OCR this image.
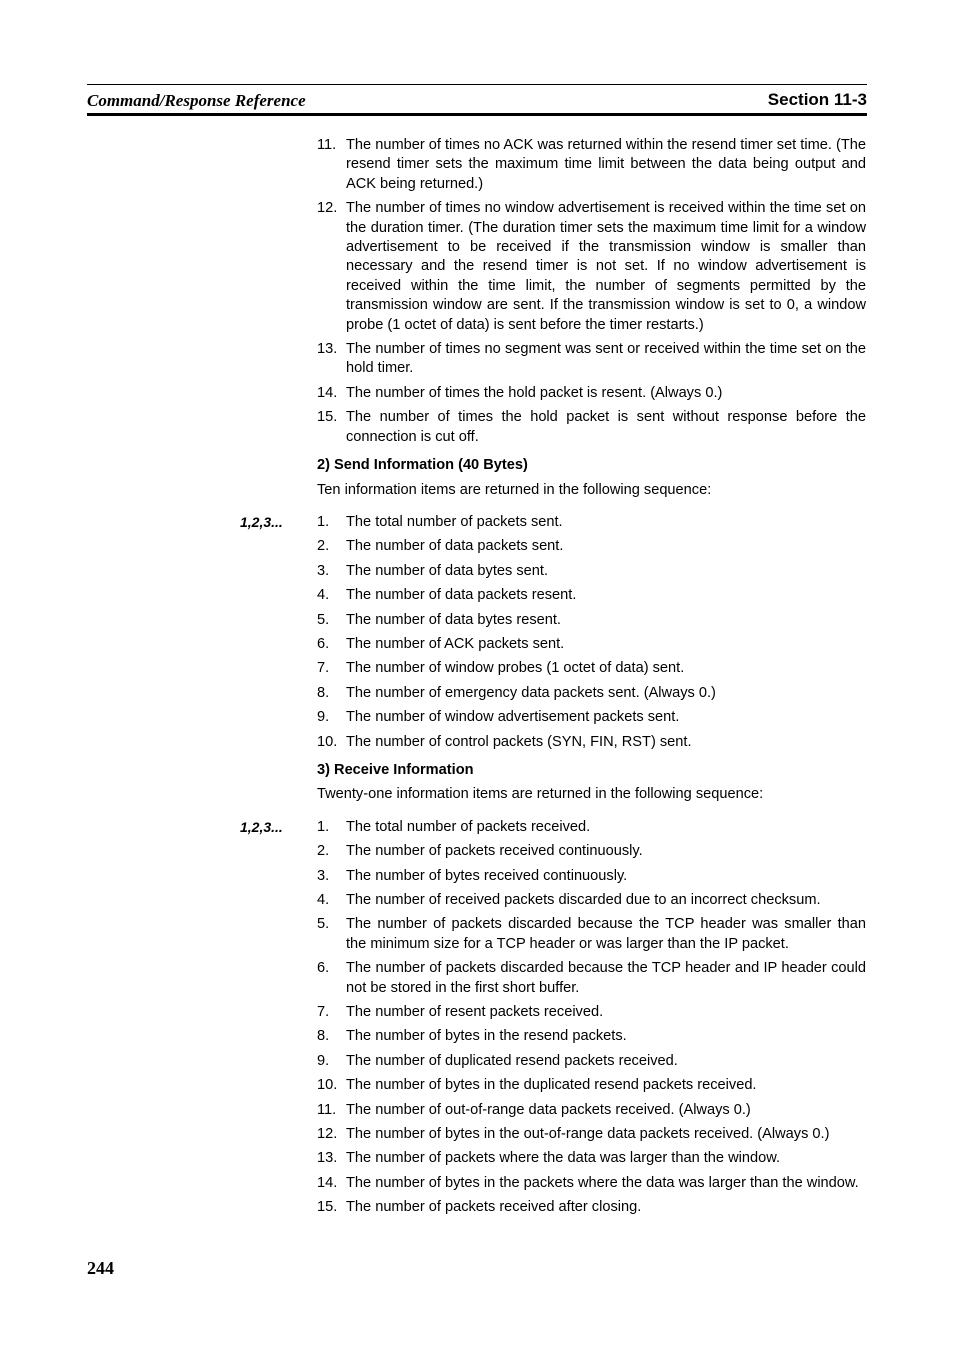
Command/Response Reference	Section 11-3
11. The number of times no ACK was returned within the resend timer set time. (The resend timer sets the maximum time limit between the data being output and ACK being returned.)
12. The number of times no window advertisement is received within the time set on the duration timer. (The duration timer sets the maximum time limit for a window advertisement to be received if the transmission window is smaller than necessary and the resend timer is not set. If no window advertisement is received within the time limit, the number of segments permitted by the transmission window are sent. If the transmission window is set to 0, a window probe (1 octet of data) is sent before the timer restarts.)
13. The number of times no segment was sent or received within the time set on the hold timer.
14. The number of times the hold packet is resent. (Always 0.)
15. The number of times the hold packet is sent without response before the connection is cut off.
2) Send Information (40 Bytes)
Ten information items are returned in the following sequence:
1,2,3... 1. The total number of packets sent.
2. The number of data packets sent.
3. The number of data bytes sent.
4. The number of data packets resent.
5. The number of data bytes resent.
6. The number of ACK packets sent.
7. The number of window probes (1 octet of data) sent.
8. The number of emergency data packets sent. (Always 0.)
9. The number of window advertisement packets sent.
10. The number of control packets (SYN, FIN, RST) sent.
3) Receive Information
Twenty-one information items are returned in the following sequence:
1,2,3... 1. The total number of packets received.
2. The number of packets received continuously.
3. The number of bytes received continuously.
4. The number of received packets discarded due to an incorrect checksum.
5. The number of packets discarded because the TCP header was smaller than the minimum size for a TCP header or was larger than the IP packet.
6. The number of packets discarded because the TCP header and IP header could not be stored in the first short buffer.
7. The number of resent packets received.
8. The number of bytes in the resend packets.
9. The number of duplicated resend packets received.
10. The number of bytes in the duplicated resend packets received.
11. The number of out-of-range data packets received. (Always 0.)
12. The number of bytes in the out-of-range data packets received. (Always 0.)
13. The number of packets where the data was larger than the window.
14. The number of bytes in the packets where the data was larger than the window.
15. The number of packets received after closing.
244
